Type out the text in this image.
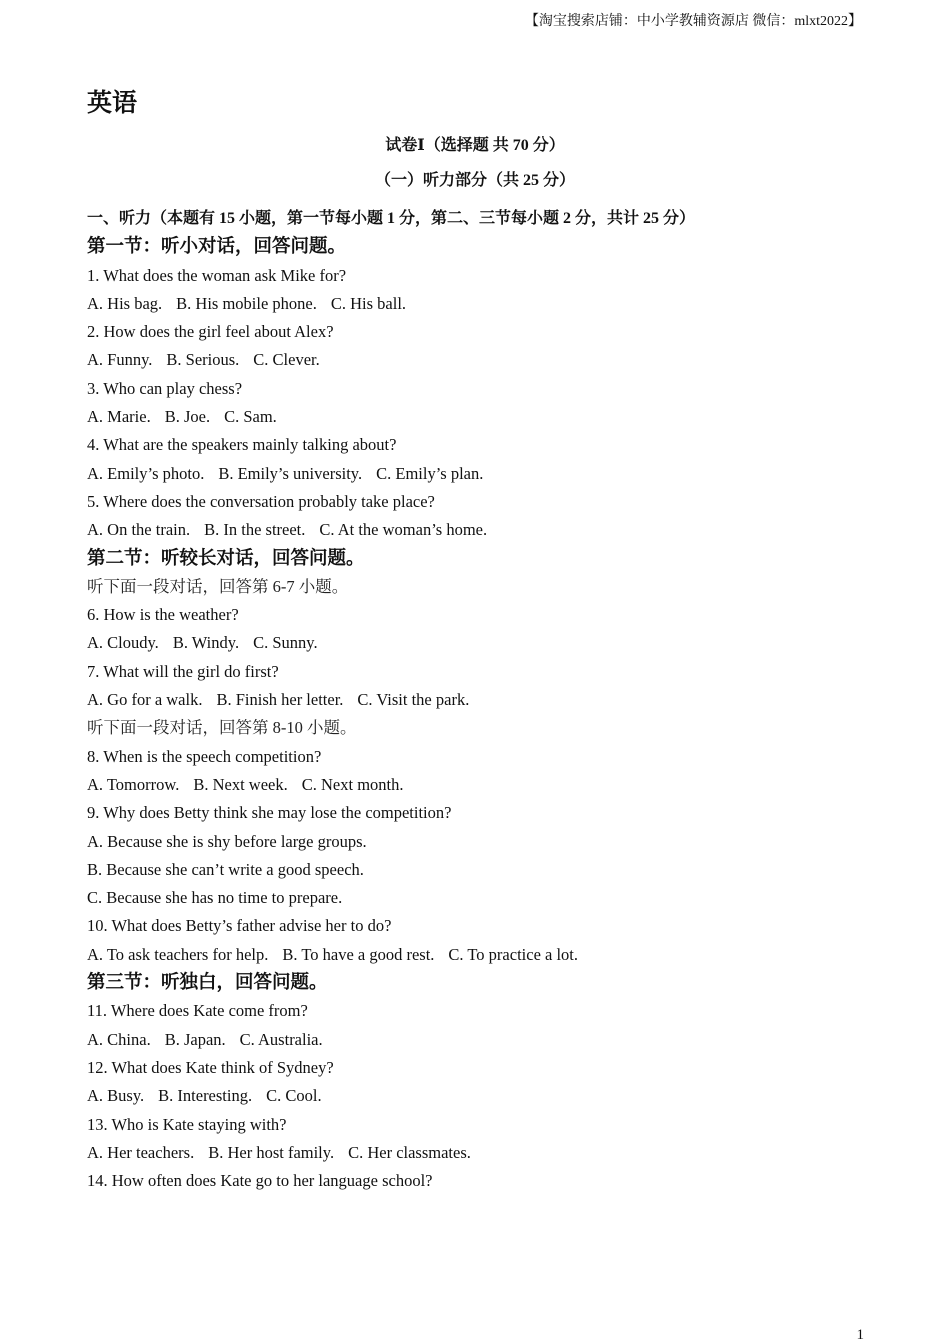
【淘宝搜索店铺：中小学教辅资源店 微信：mlxt2022】
英语
试卷Ⅰ（选择题 共 70 分）
（一）听力部分（共 25 分）
一、听力（本题有 15 小题，第一节每小题 1 分，第二、三节每小题 2 分，共计 25 分）
第一节：听小对话，回答问题。
1. What does the woman ask Mike for?
A. His bag. B. His mobile phone. C. His ball.
2. How does the girl feel about Alex?
A. Funny. B. Serious. C. Clever.
3. Who can play chess?
A. Marie. B. Joe. C. Sam.
4. What are the speakers mainly talking about?
A. Emily’s photo. B. Emily’s university. C. Emily’s plan.
5. Where does the conversation probably take place?
A. On the train. B. In the street. C. At the woman’s home.
第二节：听较长对话，回答问题。
听下面一段对话，回答第 6-7 小题。
6. How is the weather?
A. Cloudy. B. Windy. C. Sunny.
7. What will the girl do first?
A. Go for a walk. B. Finish her letter. C. Visit the park.
听下面一段对话，回答第 8-10 小题。
8. When is the speech competition?
A. Tomorrow. B. Next week. C. Next month.
9. Why does Betty think she may lose the competition?
A. Because she is shy before large groups.
B. Because she can’t write a good speech.
C. Because she has no time to prepare.
10. What does Betty’s father advise her to do?
A. To ask teachers for help. B. To have a good rest. C. To practice a lot.
第三节：听独白，回答问题。
11. Where does Kate come from?
A. China. B. Japan. C. Australia.
12. What does Kate think of Sydney?
A. Busy. B. Interesting. C. Cool.
13. Who is Kate staying with?
A. Her teachers. B. Her host family. C. Her classmates.
14. How often does Kate go to her language school?
1
